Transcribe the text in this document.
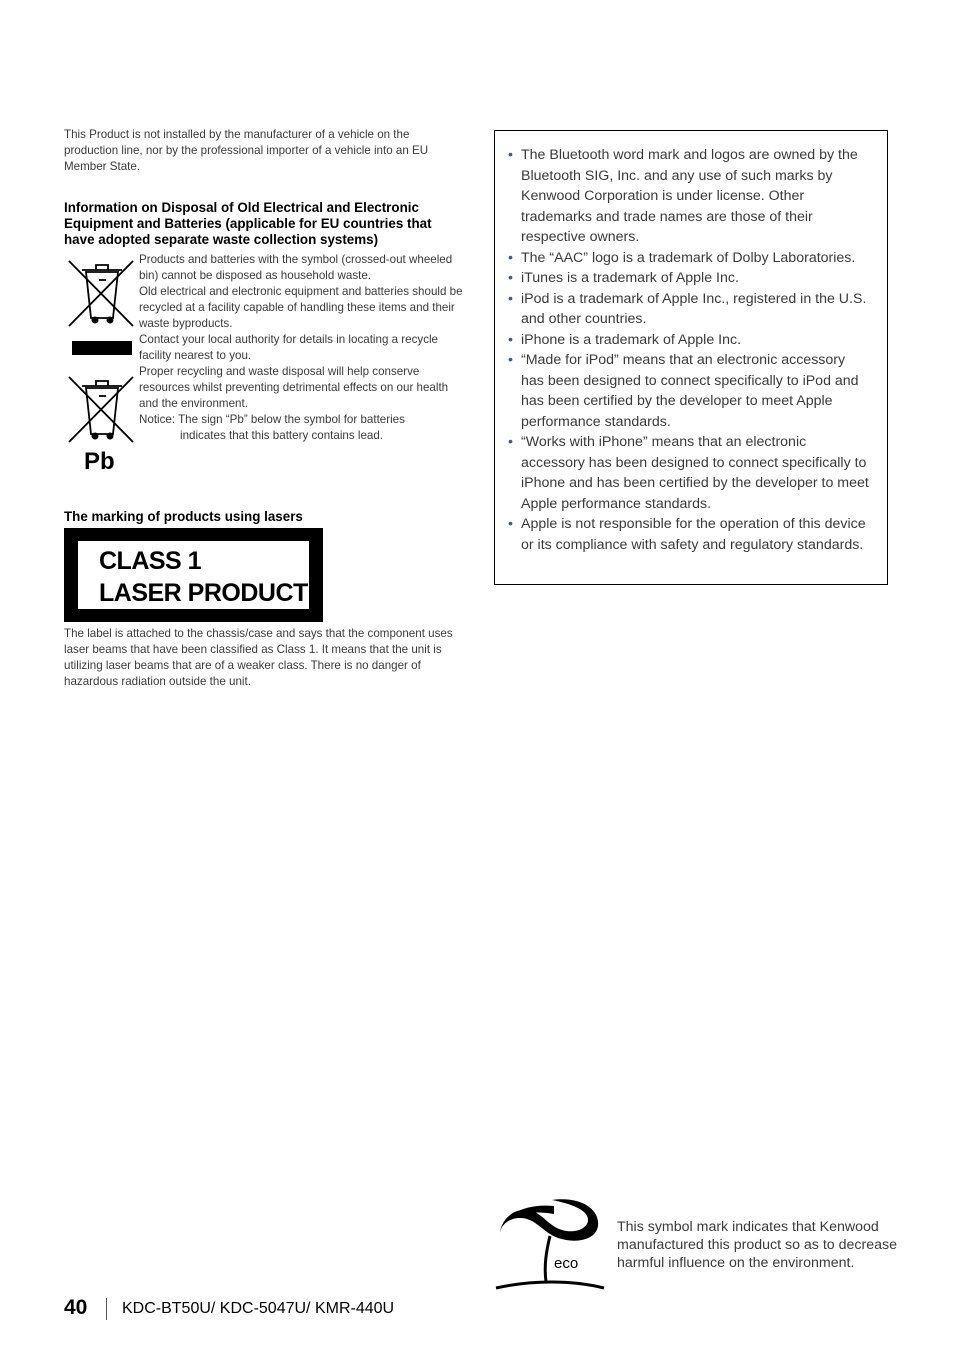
This Product is not installed by the manufacturer of a vehicle on the production line, nor by the professional importer of a vehicle into an EU Member State.
Information on Disposal of Old Electrical and Electronic Equipment and Batteries (applicable for EU countries that have adopted separate waste collection systems)
Pb

Products and batteries with the symbol (crossed-out wheeled bin) cannot be disposed as household waste.

Old electrical and electronic equipment and batteries should be recycled at a facility capable of handling these items and their waste byproducts.

Contact your local authority for details in locating a recycle facility nearest to you.

Proper recycling and waste disposal will help conserve resources whilst preventing detrimental effects on our health and the environment.

Notice: The sign “Pb” below the symbol for batteries

indicates that this battery contains lead.

The marking of products using lasers
CLASS 1
LASER PRODUCT
The label is attached to the chassis/case and says that the component uses laser beams that have been classified as Class 1. It means that the unit is utilizing laser beams that are of a weaker class. There is no danger of hazardous radiation outside the unit.
• The Bluetooth word mark and logos are owned by the Bluetooth SIG, Inc. and any use of such marks by Kenwood Corporation is under license. Other trademarks and trade names are those of their respective owners.
• The “AAC” logo is a trademark of Dolby Laboratories.
• iTunes is a trademark of Apple Inc.
• iPod is a trademark of Apple Inc., registered in the U.S. and other countries.
• iPhone is a trademark of Apple Inc.
• “Made for iPod” means that an electronic accessory has been designed to connect specifically to iPod and has been certified by the developer to meet Apple performance standards.
• “Works with iPhone” means that an electronic accessory has been designed to connect specifically to iPhone and has been certified by the developer to meet Apple performance standards.
• Apple is not responsible for the operation of this device or its compliance with safety and regulatory standards.
eco
This symbol mark indicates that Kenwood manufactured this product so as to decrease harmful influence on the environment.
40 KDC-BT50U/ KDC-5047U/ KMR-440U
